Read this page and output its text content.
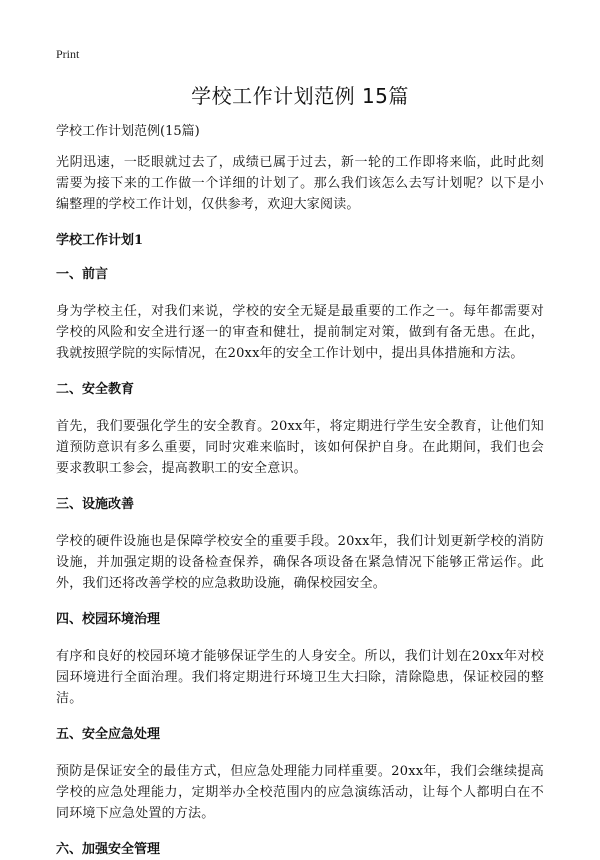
Print

学校工作计划范例 15篇

学校工作计划范例(15篇)

光阴迅速，一眨眼就过去了，成绩已属于过去，新一轮的工作即将来临，此时此刻需要为接下来的工作做一个详细的计划了。那么我们该怎么去写计划呢？以下是小编整理的学校工作计划，仅供参考，欢迎大家阅读。

学校工作计划1

一、前言

身为学校主任，对我们来说，学校的安全无疑是最重要的工作之一。每年都需要对学校的风险和安全进行逐一的审查和健壮，提前制定对策，做到有备无患。在此，我就按照学院的实际情况，在20xx年的安全工作计划中，提出具体措施和方法。

二、安全教育

首先，我们要强化学生的安全教育。20xx年，将定期进行学生安全教育，让他们知道预防意识有多么重要，同时灾难来临时，该如何保护自身。在此期间，我们也会要求教职工参会，提高教职工的安全意识。

三、设施改善

学校的硬件设施也是保障学校安全的重要手段。20xx年，我们计划更新学校的消防设施，并加强定期的设备检查保养，确保各项设备在紧急情况下能够正常运作。此外，我们还将改善学校的应急救助设施，确保校园安全。

四、校园环境治理

有序和良好的校园环境才能够保证学生的人身安全。所以，我们计划在20xx年对校园环境进行全面治理。我们将定期进行环境卫生大扫除，清除隐患，保证校园的整洁。

五、安全应急处理

预防是保证安全的最佳方式，但应急处理能力同样重要。20xx年，我们会继续提高学校的应急处理能力，定期举办全校范围内的应急演练活动，让每个人都明白在不同环境下应急处置的方法。

六、加强安全管理
